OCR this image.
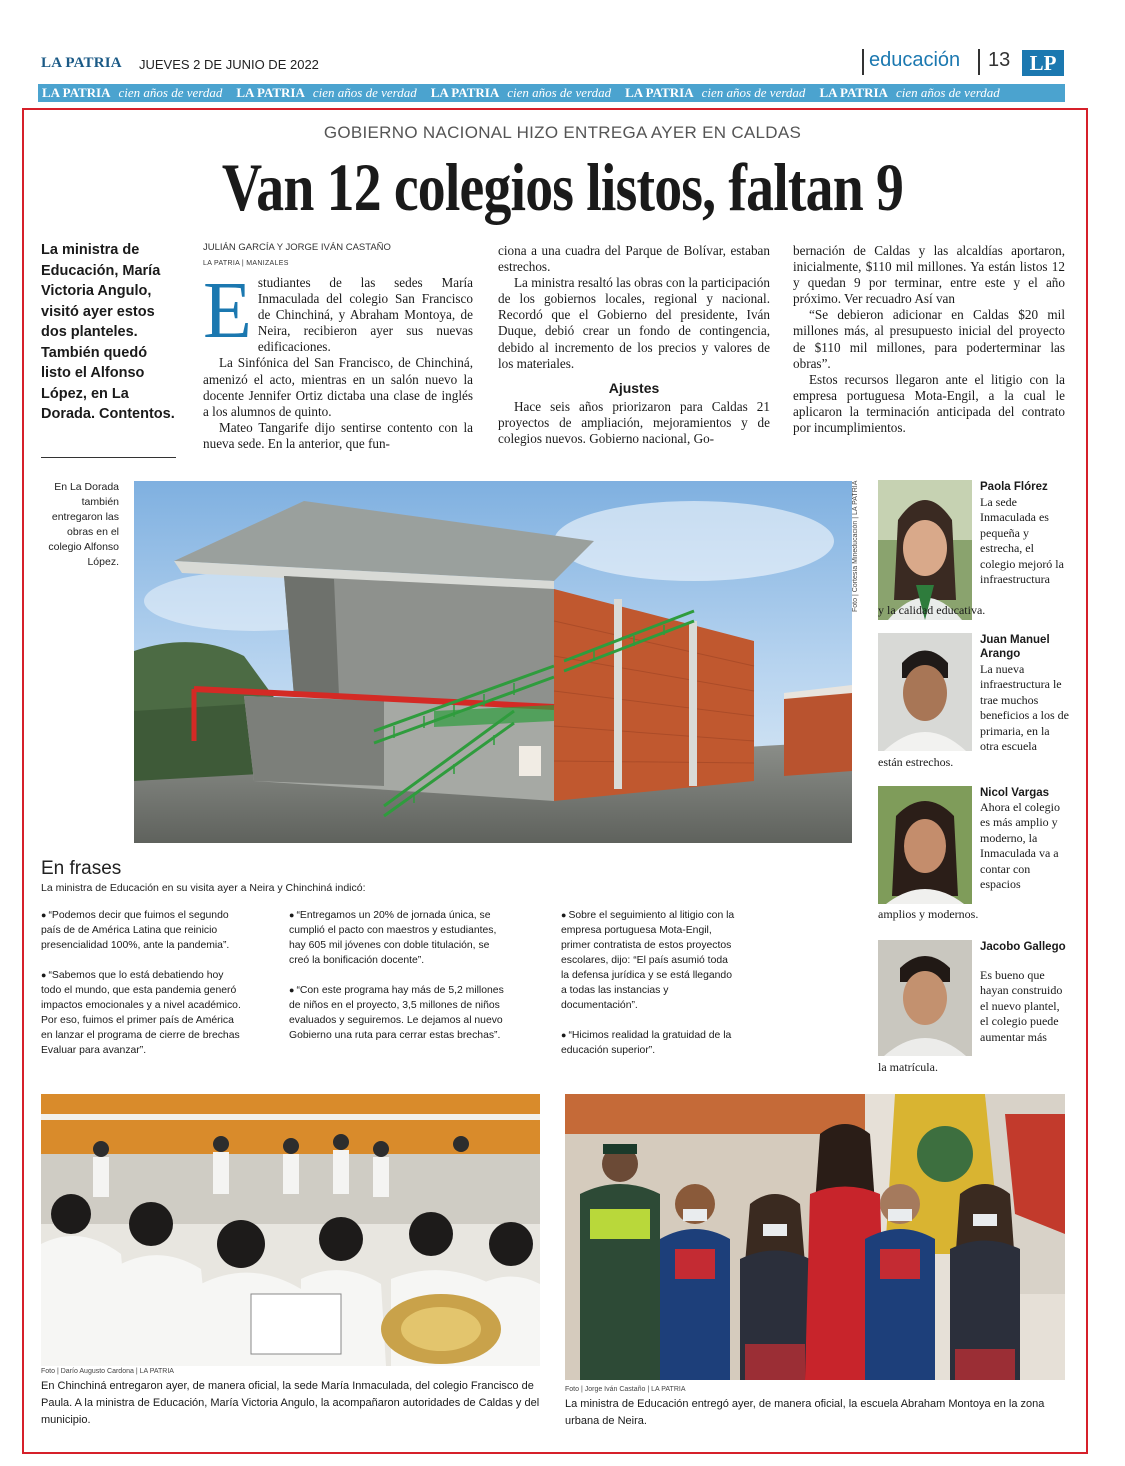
LA PATRIA JUEVES 2 DE JUNIO DE 2022	educación 13 LP
LA PATRIA cien años de verdad LA PATRIA cien años de verdad LA PATRIA cien años de verdad LA PATRIA cien años de verdad LA PATRIA cien años de verdad
GOBIERNO NACIONAL HIZO ENTREGA AYER EN CALDAS
Van 12 colegios listos, faltan 9
La ministra de Educación, María Victoria Angulo, visitó ayer estos dos planteles. También quedó listo el Alfonso López, en La Dorada. Contentos.
JULIÁN GARCÍA Y JORGE IVÁN CASTAÑO
LA PATRIA | MANIZALES
E studiantes de las sedes María Inmaculada del colegio San Francisco de Chinchiná, y Abraham Montoya, de Neira, recibieron ayer sus nuevas edificaciones.

La Sinfónica del San Francisco, de Chinchiná, amenizó el acto, mientras en un salón nuevo la docente Jennifer Ortiz dictaba una clase de inglés a los alumnos de quinto.

Mateo Tangarife dijo sentirse contento con la nueva sede. En la anterior, que fun-

ciona a una cuadra del Parque de Bolívar, estaban estrechos.

La ministra resaltó las obras con la participación de los gobiernos locales, regional y nacional. Recordó que el Gobierno del presidente, Iván Duque, debió crear un fondo de contingencia, debido al incremento de los precios y valores de los materiales.

Ajustes

Hace seis años priorizaron para Caldas 21 proyectos de ampliación, mejoramientos y de colegios nuevos. Gobierno nacional, Go-

bernación de Caldas y las alcaldías aportaron, inicialmente, $110 mil millones. Ya están listos 12 y quedan 9 por terminar, entre este y el año próximo. Ver recuadro Así van

“Se debieron adicionar en Caldas $20 mil millones más, al presupuesto inicial del proyecto de $110 mil millones, para poderterminar las obras”.

Estos recursos llegaron ante el litigio con la empresa portuguesa Mota-Engil, a la cual le aplicaron la terminación anticipada del contrato por incumplimientos.

En La Dorada también entregaron las obras en el colegio Alfonso López.	Foto | Cortesía Mineducación | LA PATRIA	Paola Flórez
La sede Inmaculada es pequeña y estrecha, el colegio mejoró la infraestructura
y la calidad educativa.
Juan Manuel Arango
La nueva infraestructura le trae muchos beneficios a los de primaria, en la otra escuela
están estrechos.
Nicol Vargas
Ahora el colegio es más amplio y moderno, la Inmaculada va a contar con espacios
amplios y modernos.
Jacobo Gallego
Es bueno que hayan construido el nuevo plantel, el colegio puede aumentar más
la matrícula.
En frases
La ministra de Educación en su visita ayer a Neira y Chinchiná indicó:

● “Podemos decir que fuimos el segundo país de de América Latina que reinicio presencialidad 100%, ante la pandemia”.

● “Sabemos que lo está debatiendo hoy todo el mundo, que esta pandemia generó impactos emocionales y a nivel académico. Por eso, fuimos el primer país de América en lanzar el programa de cierre de brechas Evaluar para avanzar”.

● “Entregamos un 20% de jornada única, se cumplió el pacto con maestros y estudiantes, hay 605 mil jóvenes con doble titulación, se creó la bonificación docente”.

● “Con este programa hay más de 5,2 millones de niños en el proyecto, 3,5 millones de niños evaluados y seguiremos. Le dejamos al nuevo Gobierno una ruta para cerrar estas brechas”.

● Sobre el seguimiento al litigio con la empresa portuguesa Mota-Engil, primer contratista de estos proyectos escolares, dijo: “El país asumió toda la defensa jurídica y se está llegando a todas las instancias y documentación”.

● “Hicimos realidad la gratuidad de la educación superior”.

Foto | Darío Augusto Cardona | LA PATRIA
En Chinchiná entregaron ayer, de manera oficial, la sede María Inmaculada, del colegio Francisco de Paula. A la ministra de Educación, María Victoria Angulo, la acompañaron autoridades de Caldas y del municipio.
Foto | Jorge Iván Castaño | LA PATRIA
La ministra de Educación entregó ayer, de manera oficial, la escuela Abraham Montoya en la zona urbana de Neira.
